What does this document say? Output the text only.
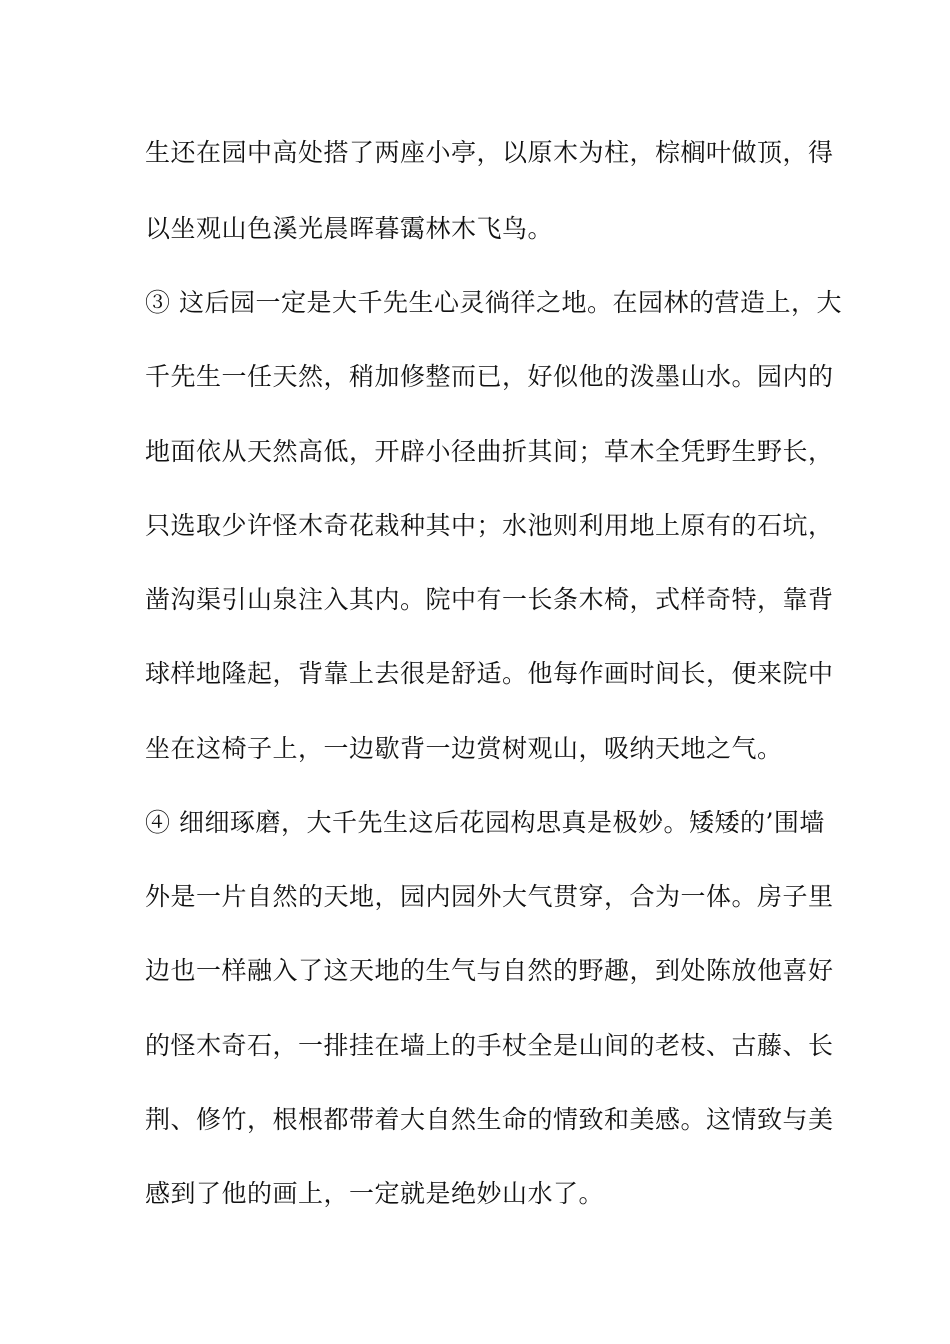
生还在园中高处搭了两座小亭，以原木为柱，棕榈叶做顶，得
以坐观山色溪光晨晖暮霭林木飞鸟。
③ 这后园一定是大千先生心灵徜徉之地。在园林的营造上，大
千先生一任天然，稍加修整而已，好似他的泼墨山水。园内的
地面依从天然高低，开辟小径曲折其间；草木全凭野生野长，
只选取少许怪木奇花栽种其中；水池则利用地上原有的石坑，
凿沟渠引山泉注入其内。院中有一长条木椅，式样奇特，靠背
球样地隆起，背靠上去很是舒适。他每作画时间长，便来院中
坐在这椅子上，一边歇背一边赏树观山，吸纳天地之气。
④ 细细琢磨，大千先生这后花园构思真是极妙。矮矮的’围墙
外是一片自然的天地，园内园外大气贯穿，合为一体。房子里
边也一样融入了这天地的生气与自然的野趣，到处陈放他喜好
的怪木奇石，一排挂在墙上的手杖全是山间的老枝、古藤、长
荆、修竹，根根都带着大自然生命的情致和美感。这情致与美
感到了他的画上，一定就是绝妙山水了。
